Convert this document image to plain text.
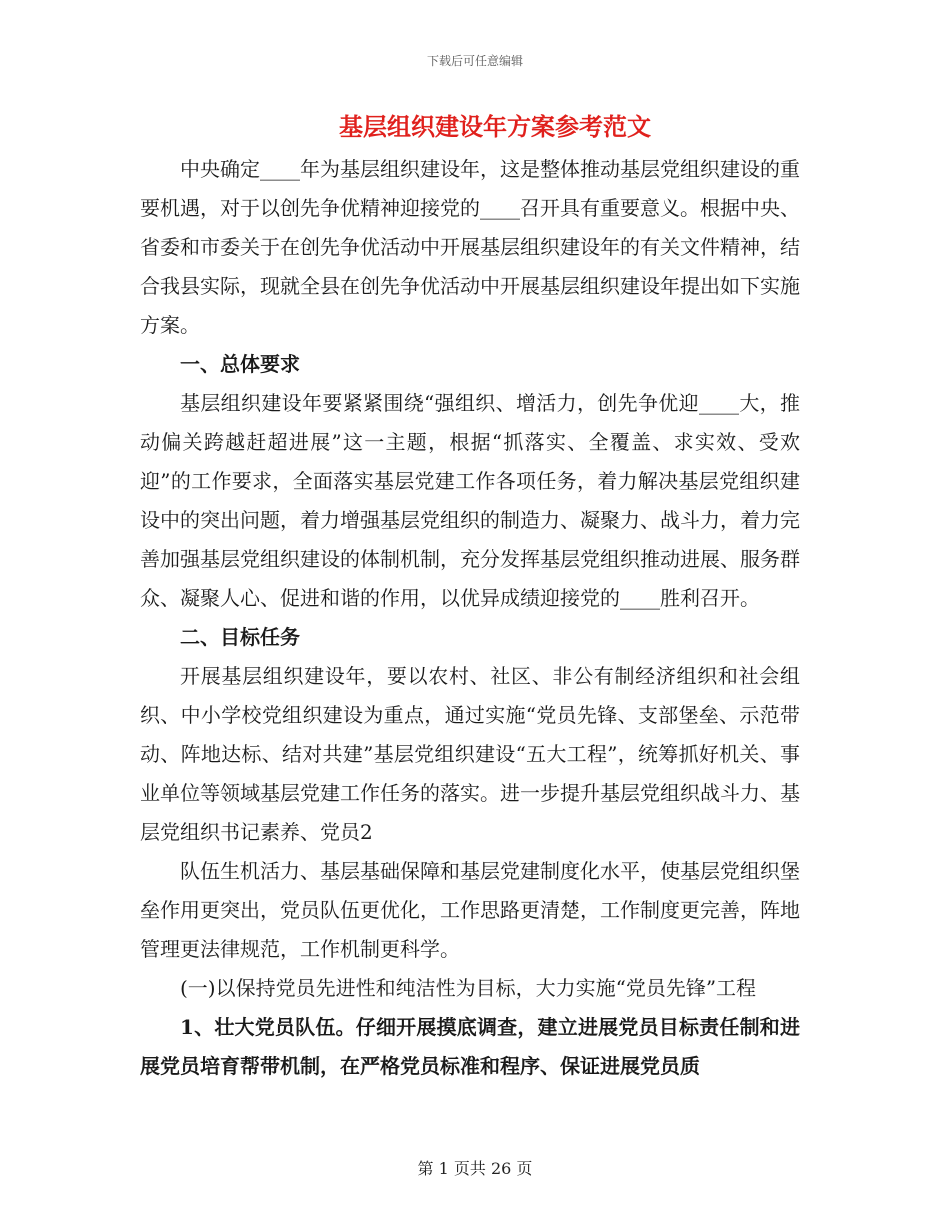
下载后可任意编辑
基层组织建设年方案参考范文

中央确定____年为基层组织建设年，这是整体推动基层党组织建设的重要机遇，对于以创先争优精神迎接党的____召开具有重要意义。根据中央、省委和市委关于在创先争优活动中开展基层组织建设年的有关文件精神，结合我县实际，现就全县在创先争优活动中开展基层组织建设年提出如下实施方案。

一、总体要求

基层组织建设年要紧紧围绕“强组织、增活力，创先争优迎____大，推动偏关跨越赶超进展”这一主题，根据“抓落实、全覆盖、求实效、受欢迎”的工作要求，全面落实基层党建工作各项任务，着力解决基层党组织建设中的突出问题，着力增强基层党组织的制造力、凝聚力、战斗力，着力完善加强基层党组织建设的体制机制，充分发挥基层党组织推动进展、服务群众、凝聚人心、促进和谐的作用，以优异成绩迎接党的____胜利召开。

二、目标任务

开展基层组织建设年，要以农村、社区、非公有制经济组织和社会组织、中小学校党组织建设为重点，通过实施“党员先锋、支部堡垒、示范带动、阵地达标、结对共建”基层党组织建设“五大工程”，统筹抓好机关、事业单位等领域基层党建工作任务的落实。进一步提升基层党组织战斗力、基层党组织书记素养、党员2

队伍生机活力、基层基础保障和基层党建制度化水平，使基层党组织堡垒作用更突出，党员队伍更优化，工作思路更清楚，工作制度更完善，阵地管理更法律规范，工作机制更科学。

(一)以保持党员先进性和纯洁性为目标，大力实施“党员先锋”工程

1、壮大党员队伍。仔细开展摸底调查，建立进展党员目标责任制和进展党员培育帮带机制，在严格党员标准和程序、保证进展党员质

第 1 页共 26 页
